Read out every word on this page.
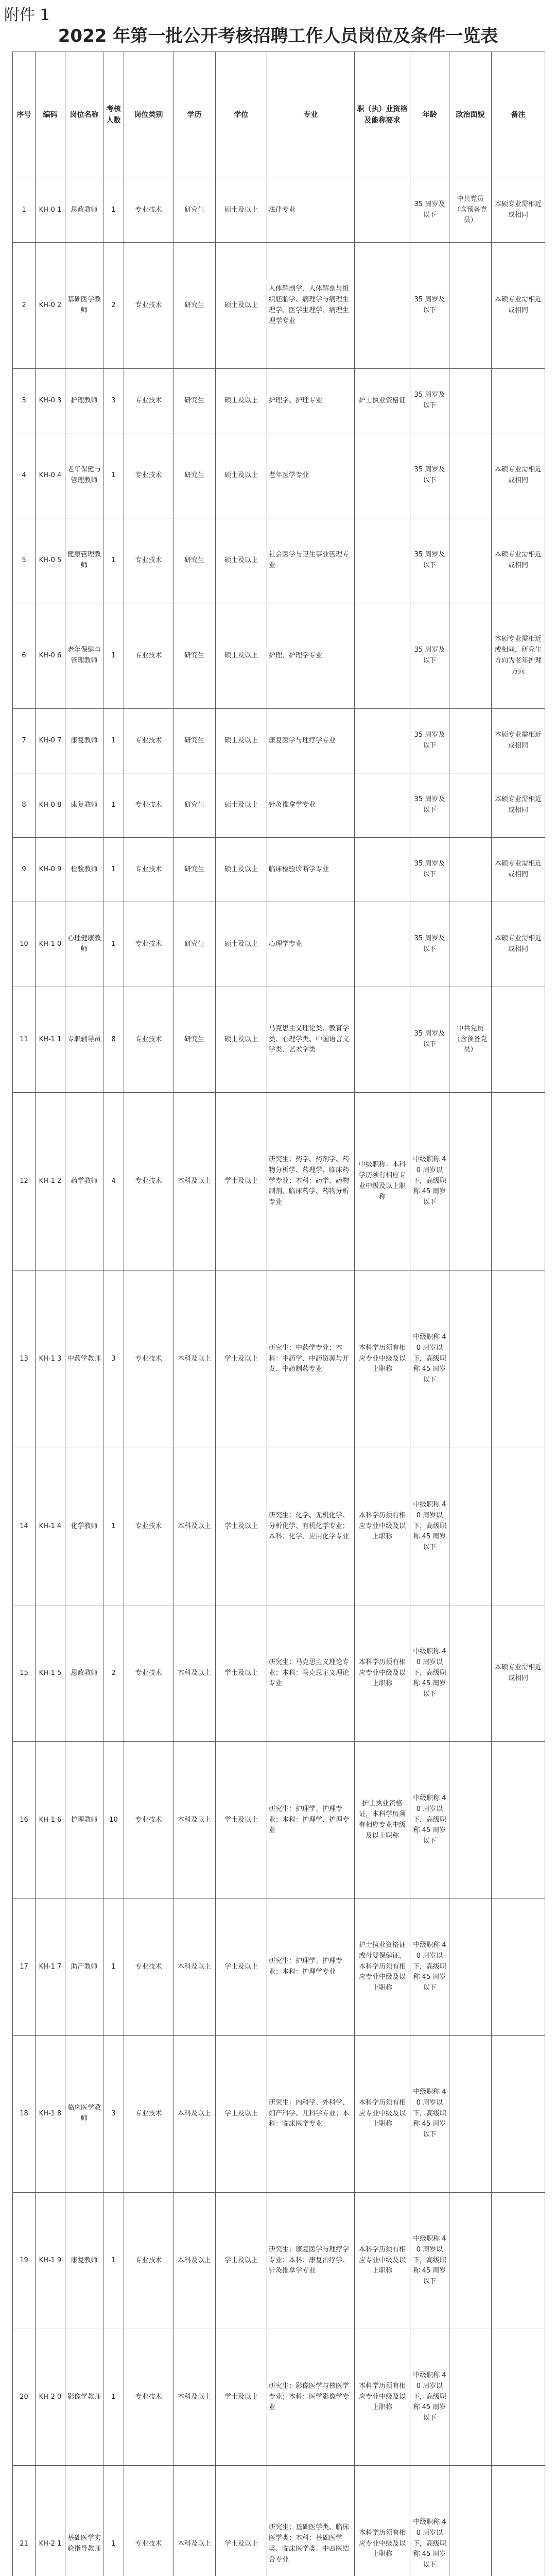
附件 1
2022 年第一批公开考核招聘工作人员岗位及条件一览表
序号	编码	岗位名称	考核人数	岗位类别	学历	学位	专业	职（执）业资格及能称要求	年龄	政治面貌	备注
1	KH-0 1	思政教师	1	专业技术	研究生	硕士及以上	法律专业		35 周岁及以下	中共党员（含预备党员）	本硕专业需相近或相同
2	KH-0 2	基础医学教师	2	专业技术	研究生	硕士及以上	人体解剖学、人体解剖与组织胚胎学、病理学与病理生理学、医学生理学、病理生理学专业		35 周岁及以下		本硕专业需相近或相同
3	KH-0 3	护理教师	3	专业技术	研究生	硕士及以上	护理学、护理专业	护士执业资格证	35 周岁及以下		
4	KH-0 4	老年保健与管理教师	1	专业技术	研究生	硕士及以上	老年医学专业		35 周岁及以下		本硕专业需相近或相同
5	KH-0 5	健康管理教师	1	专业技术	研究生	硕士及以上	社会医学与卫生事业管理专业		35 周岁及以下		本硕专业需相近或相同
6	KH-0 6	老年保健与管理教师	1	专业技术	研究生	硕士及以上	护理、护理学专业		35 周岁及以下		本硕专业需相近或相同，研究生方向为老年护理方向
7	KH-0 7	康复教师	1	专业技术	研究生	硕士及以上	康复医学与理疗学专业		35 周岁及以下		本硕专业需相近或相同
8	KH-0 8	康复教师	1	专业技术	研究生	硕士及以上	针灸推拿学专业		35 周岁及以下		本硕专业需相近或相同
9	KH-0 9	检验教师	1	专业技术	研究生	硕士及以上	临床检验诊断学专业		35 周岁及以下		本硕专业需相近或相同
10	KH-1 0	心理健康教师	1	专业技术	研究生	硕士及以上	心理学专业		35 周岁及以下		本硕专业需相近或相同
11	KH-1 1	专职辅导员	8	专业技术	研究生	硕士及以上	马克思主义理论类、教育学类、心理学类、中国语言文学类、艺术学类		35 周岁及以下	中共党员（含预备党员）	
12	KH-1 2	药学教师	4	专业技术	本科及以上	学士及以上	研究生：药学、药剂学、药物分析学、药理学、临床药学专业；本科：药学、药物制剂、临床药学、药物分析专业	中级职称：本科学历须有相应专业中级及以上职称	中级职称 40 周岁以下，高级职称 45 周岁以下		
13	KH-1 3	中药学教师	3	专业技术	本科及以上	学士及以上	研究生：中药学专业；本科：中药学、中药资源与开发、中药制药专业	本科学历须有相应专业中级及以上职称	中级职称 40 周岁以下，高级职称 45 周岁以下		
14	KH-1 4	化学教师	1	专业技术	本科及以上	学士及以上	研究生：化学、无机化学、分析化学、有机化学专业；本科：化学、应用化学专业	本科学历须有相应专业中级及以上职称	中级职称 40 周岁以下，高级职称 45 周岁以下		
15	KH-1 5	思政教师	2	专业技术	本科及以上	学士及以上	研究生：马克思主义理论专业；本科：马克思主义理论专业	本科学历须有相应专业中级及以上职称	中级职称 40 周岁以下，高级职称 45 周岁以下		本硕专业需相近或相同
16	KH-1 6	护理教师	10	专业技术	本科及以上	学士及以上	研究生：护理学、护理专业；本科：护理学、护理专业	护士执业资格证，本科学历须有相应专业中级及以上职称	中级职称 40 周岁以下，高级职称 45 周岁以下		
17	KH-1 7	助产教师	1	专业技术	本科及以上	学士及以上	研究生：护理学、护理专业；本科：护理学专业	护士执业资格证或母婴保健证，本科学历须有相应专业中级及以上职称	中级职称 40 周岁以下，高级职称 45 周岁以下		
18	KH-1 8	临床医学教师	3	专业技术	本科及以上	学士及以上	研究生：内科学、外科学、妇产科学、儿科学专业；本科：临床医学专业	本科学历须有相应专业中级及以上职称	中级职称 40 周岁以下，高级职称 45 周岁以下		
19	KH-1 9	康复教师	1	专业技术	本科及以上	学士及以上	研究生：康复医学与理疗学专业；本科：康复治疗学、针灸推拿学专业	本科学历须有相应专业中级及以上职称	中级职称 40 周岁以下，高级职称 45 周岁以下		
20	KH-2 0	影像学教师	1	专业技术	本科及以上	学士及以上	研究生：影像医学与核医学专业；本科：医学影像学专业	本科学历须有相应专业中级及以上职称	中级职称 40 周岁以下，高级职称 45 周岁以下		
21	KH-2 1	基础医学实验指导教师	1	专业技术	本科及以上	学士及以上	研究生：基础医学类、临床医学类；本科：基础医学类、临床医学类、中西医结合专业	本科学历须有相应专业中级及以上职称	中级职称 40 周岁以下，高级职称 45 周岁以下		
